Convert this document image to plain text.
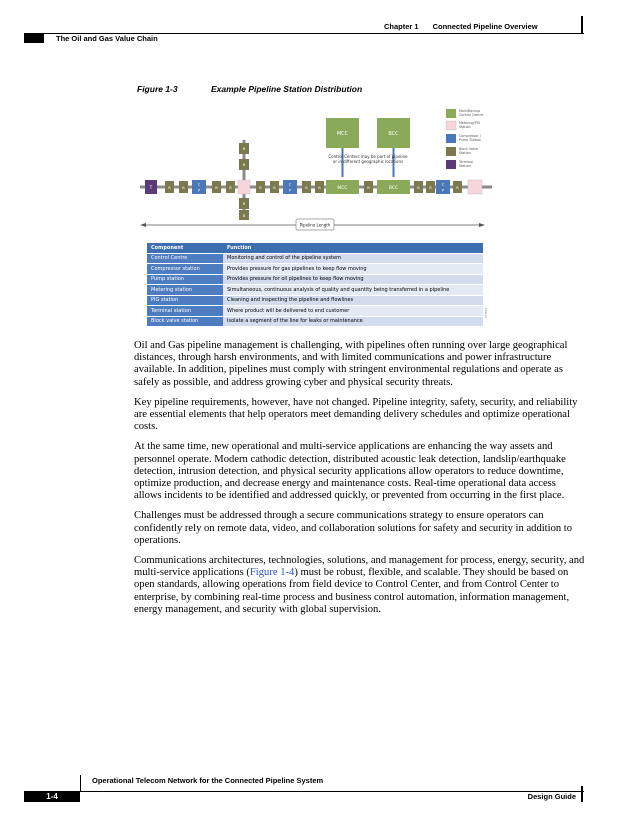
Chapter 1 Connected Pipeline Overview
The Oil and Gas Value Chain
Figure 1-3	Example Pipeline Station Distribution
Main/Backup Control Centre
Metering/PIG Station
Compressor / Pump Station
Block Valve Station
Terminal Station
MCC	BCC
Control Centers may be part of pipeline or in different geographic locations
MCC	BCC
T	B	B	B	B	B	B	B	B	B	B	B	B
B
B
B
B
C
P
C
P
C
P
Pipeline Length
Component	Function
Control Centre	Monitoring and control of the pipeline system
Compressor station	Provides pressure for gas pipelines to keep flow moving
Pump station	Provides pressure for oil pipelines to keep flow moving
Metering station	Simultaneous, continuous analysis of quality and quantity being transferred in a pipeline
PIG station	Cleaning and inspecting the pipeline and flowlines
Terminal station	Where product will be delivered to end customer
Block valve station	Isolate a segment of the line for leaks or maintenance
377874

Oil and Gas pipeline management is challenging, with pipelines often running over large geographical distances, through harsh environments, and with limited communications and power infrastructure available. In addition, pipelines must comply with stringent environmental regulations and operate as safely as possible, and address growing cyber and physical security threats.

Key pipeline requirements, however, have not changed. Pipeline integrity, safety, security, and reliability are essential elements that help operators meet demanding delivery schedules and optimize operational costs.

At the same time, new operational and multi-service applications are enhancing the way assets and personnel operate. Modern cathodic detection, distributed acoustic leak detection, landslip/earthquake detection, intrusion detection, and physical security applications allow operators to reduce downtime, optimize production, and decrease energy and maintenance costs. Real-time operational data access allows incidents to be identified and addressed quickly, or prevented from occurring in the first place.

Challenges must be addressed through a secure communications strategy to ensure operators can confidently rely on remote data, video, and collaboration solutions for safety and security in addition to operations.

Communications architectures, technologies, solutions, and management for process, energy, security, and multi-service applications (Figure 1-4) must be robust, flexible, and scalable. They should be based on open standards, allowing operations from field device to Control Center, and from Control Center to enterprise, by combining real-time process and business control automation, information management, energy management, and security with global supervision.

Operational Telecom Network for the Connected Pipeline System
1-4	Design Guide
